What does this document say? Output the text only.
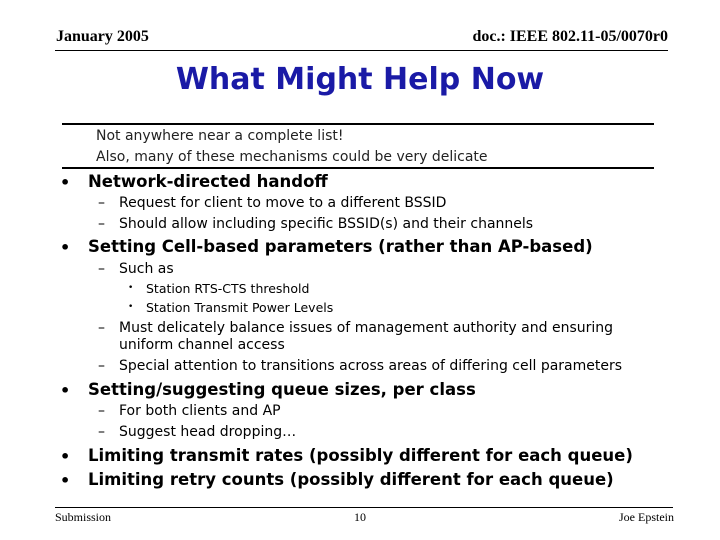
January 2005	doc.: IEEE 802.11-05/0070r0
What Might Help Now
Not anywhere near a complete list!
Also, many of these mechanisms could be very delicate
• Network-directed handoff
– Request for client to move to a different BSSID
– Should allow including specific BSSID(s) and their channels
• Setting Cell-based parameters (rather than AP-based)
– Such as
• Station RTS-CTS threshold
• Station Transmit Power Levels
– Must delicately balance issues of management authority and ensuring
uniform channel access
– Special attention to transitions across areas of differing cell parameters
• Setting/suggesting queue sizes, per class
– For both clients and AP
– Suggest head dropping…
• Limiting transmit rates (possibly different for each queue)
• Limiting retry counts (possibly different for each queue)
Submission	10	Joe Epstein
